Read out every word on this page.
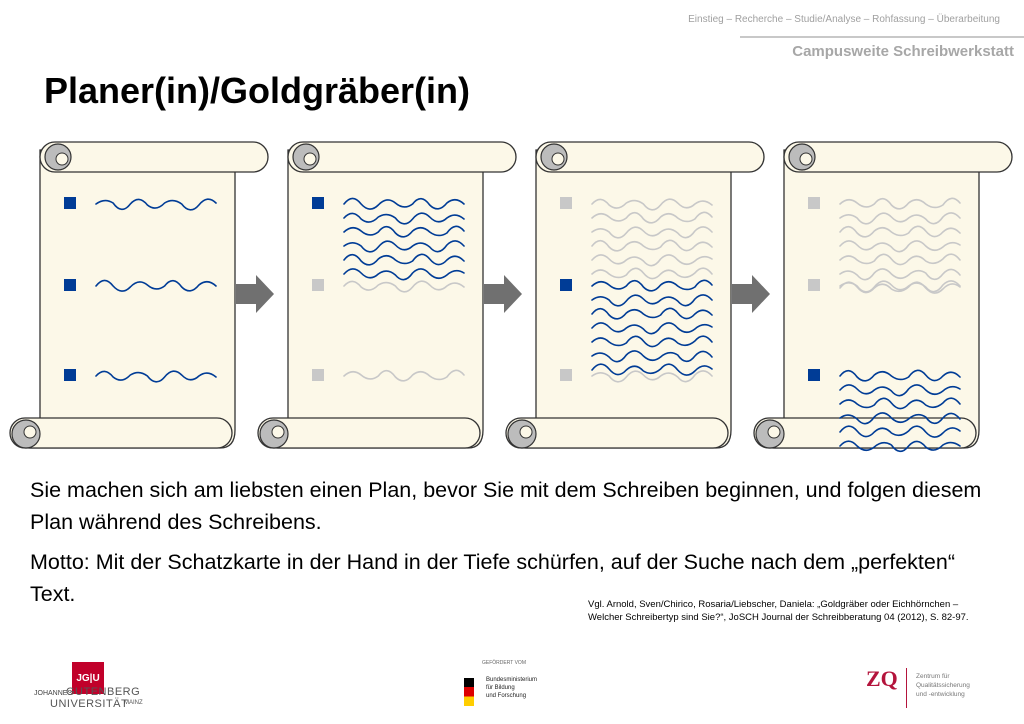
Einstieg – Recherche – Studie/Analyse – Rohfassung – Überarbeitung
Campusweite Schreibwerkstatt
Planer(in)/Goldgräber(in)
Sie machen sich am liebsten einen Plan, bevor Sie mit dem Schreiben beginnen, und folgen diesem Plan während des Schreibens.
Motto: Mit der Schatzkarte in der Hand in der Tiefe schürfen, auf der Suche nach dem „perfekten“ Text.	Vgl. Arnold, Sven/Chirico, Rosaria/Liebscher, Daniela: „Goldgräber oder Eichhörnchen –
Welcher Schreibertyp sind Sie?“, JoSCH Journal der Schreibberatung 04 (2012), S. 82-97.
JG|U
JOHANNES
GUTENBERG
UNIVERSITÄT
MAINZ
GEFÖRDERT VOM
Bundesministerium
für Bildung
und Forschung
ZQ	Zentrum für
Qualitätssicherung
und -entwicklung
